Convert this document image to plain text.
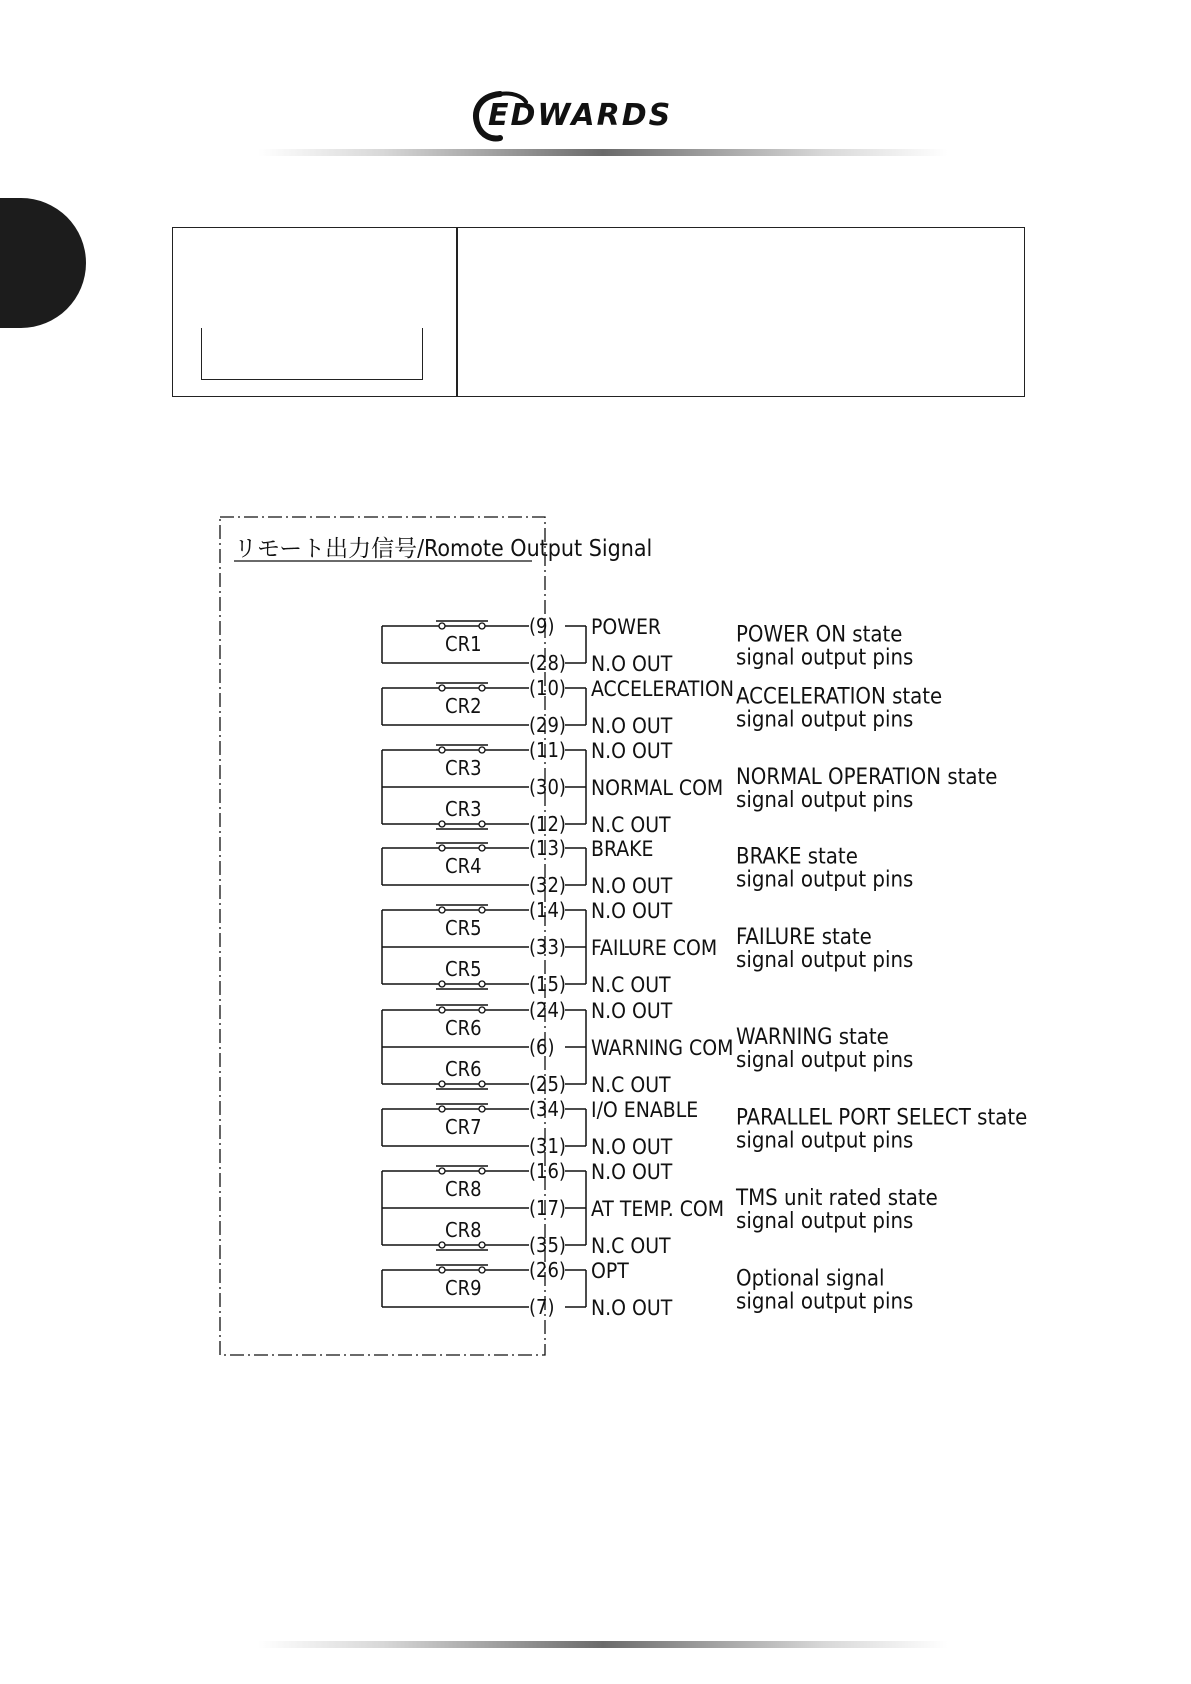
EDWARDS
リモート出力信号/Romote Output Signal
CR1
(9) POWER
(28) N.O OUT
POWER ON state
signal output pins
CR2
(10) ACCELERATION
(29) N.O OUT
ACCELERATION state
signal output pins
CR3
CR3
(11) N.O OUT
(30) NORMAL COM
(12) N.C OUT
NORMAL OPERATION state
signal output pins
CR4
(13) BRAKE
(32) N.O OUT
BRAKE state
signal output pins
CR5
CR5
(14) N.O OUT
(33) FAILURE COM
(15) N.C OUT
FAILURE state
signal output pins
CR6
CR6
(24) N.O OUT
(6) WARNING COM
(25) N.C OUT
WARNING state
signal output pins
CR7
(34) I/O ENABLE
(31) N.O OUT
PARALLEL PORT SELECT state
signal output pins
CR8
CR8
(16) N.O OUT
(17) AT TEMP. COM
(35) N.C OUT
TMS unit rated state
signal output pins
CR9
(26) OPT
(7) N.O OUT
Optional signal
signal output pins
